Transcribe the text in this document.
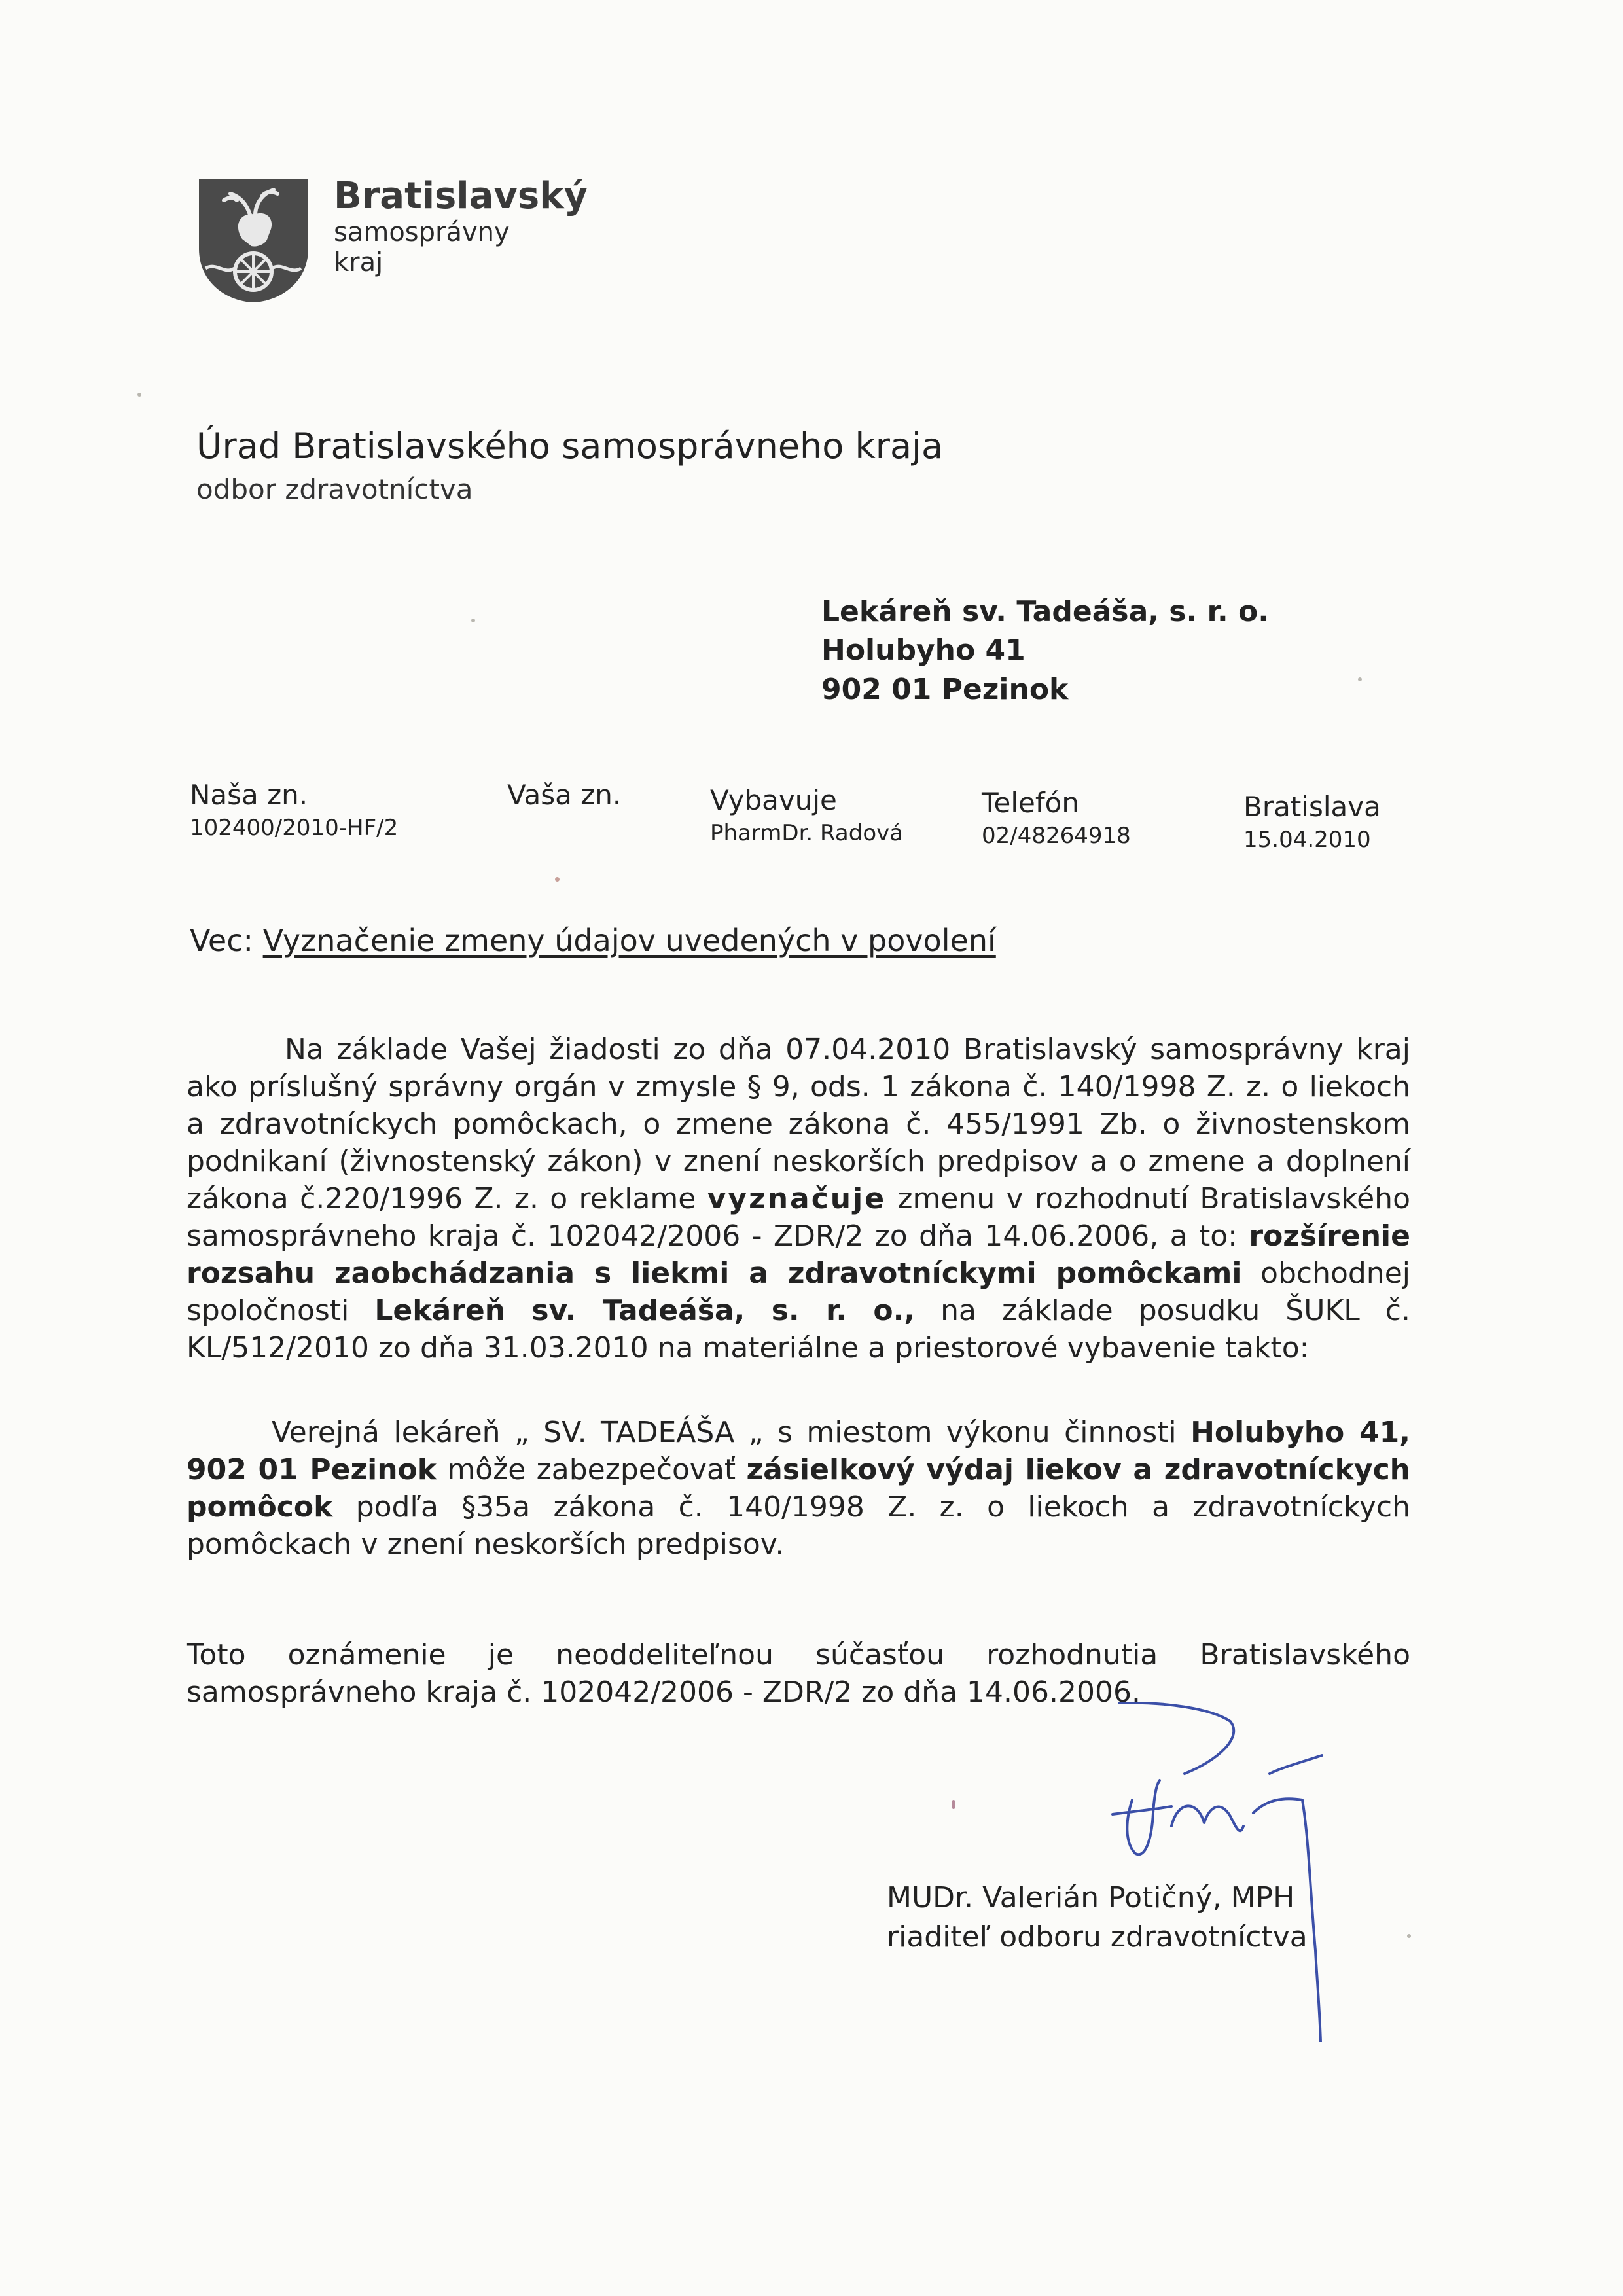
Bratislavský
samosprávny
kraj
Úrad Bratislavského samosprávneho kraja
odbor zdravotníctva
Lekáreň sv. Tadeáša, s. r. o.
Holubyho 41
902 01 Pezinok
Naša zn.
102400/2010-HF/2
Vaša zn.	Vybavuje
PharmDr. Radová
Telefón
02/48264918
Bratislava
15.04.2010
Vec: Vyznačenie zmeny údajov uvedených v povolení
Na základe Vašej žiadosti zo dňa 07.04.2010 Bratislavský samosprávny kraj ako príslušný správny orgán v zmysle § 9, ods. 1 zákona č. 140/1998 Z. z. o liekoch a zdravotníckych pomôckach, o zmene zákona č. 455/1991 Zb. o živnostenskom podnikaní (živnostenský zákon) v znení neskorších predpisov a o zmene a doplnení zákona č.220/1996 Z. z. o reklame vyznačuje zmenu v rozhodnutí Bratislavského samosprávneho kraja č. 102042/2006 - ZDR/2 zo dňa 14.06.2006, a to: rozšírenie rozsahu zaobchádzania s liekmi a zdravotníckymi pomôckami obchodnej spoločnosti Lekáreň sv. Tadeáša, s. r. o., na základe posudku ŠUKL č. KL/512/2010 zo dňa 31.03.2010 na materiálne a priestorové vybavenie takto:
Verejná lekáreň „ SV. TADEÁŠA „ s miestom výkonu činnosti Holubyho 41, 902 01 Pezinok môže zabezpečovať zásielkový výdaj liekov a zdravotníckych pomôcok podľa §35a zákona č. 140/1998 Z. z. o liekoch a zdravotníckych pomôckach v znení neskorších predpisov.
Toto oznámenie je neoddeliteľnou súčasťou rozhodnutia Bratislavského samosprávneho kraja č. 102042/2006 - ZDR/2 zo dňa 14.06.2006.
MUDr. Valerián Potičný, MPH
riaditeľ odboru zdravotníctva
